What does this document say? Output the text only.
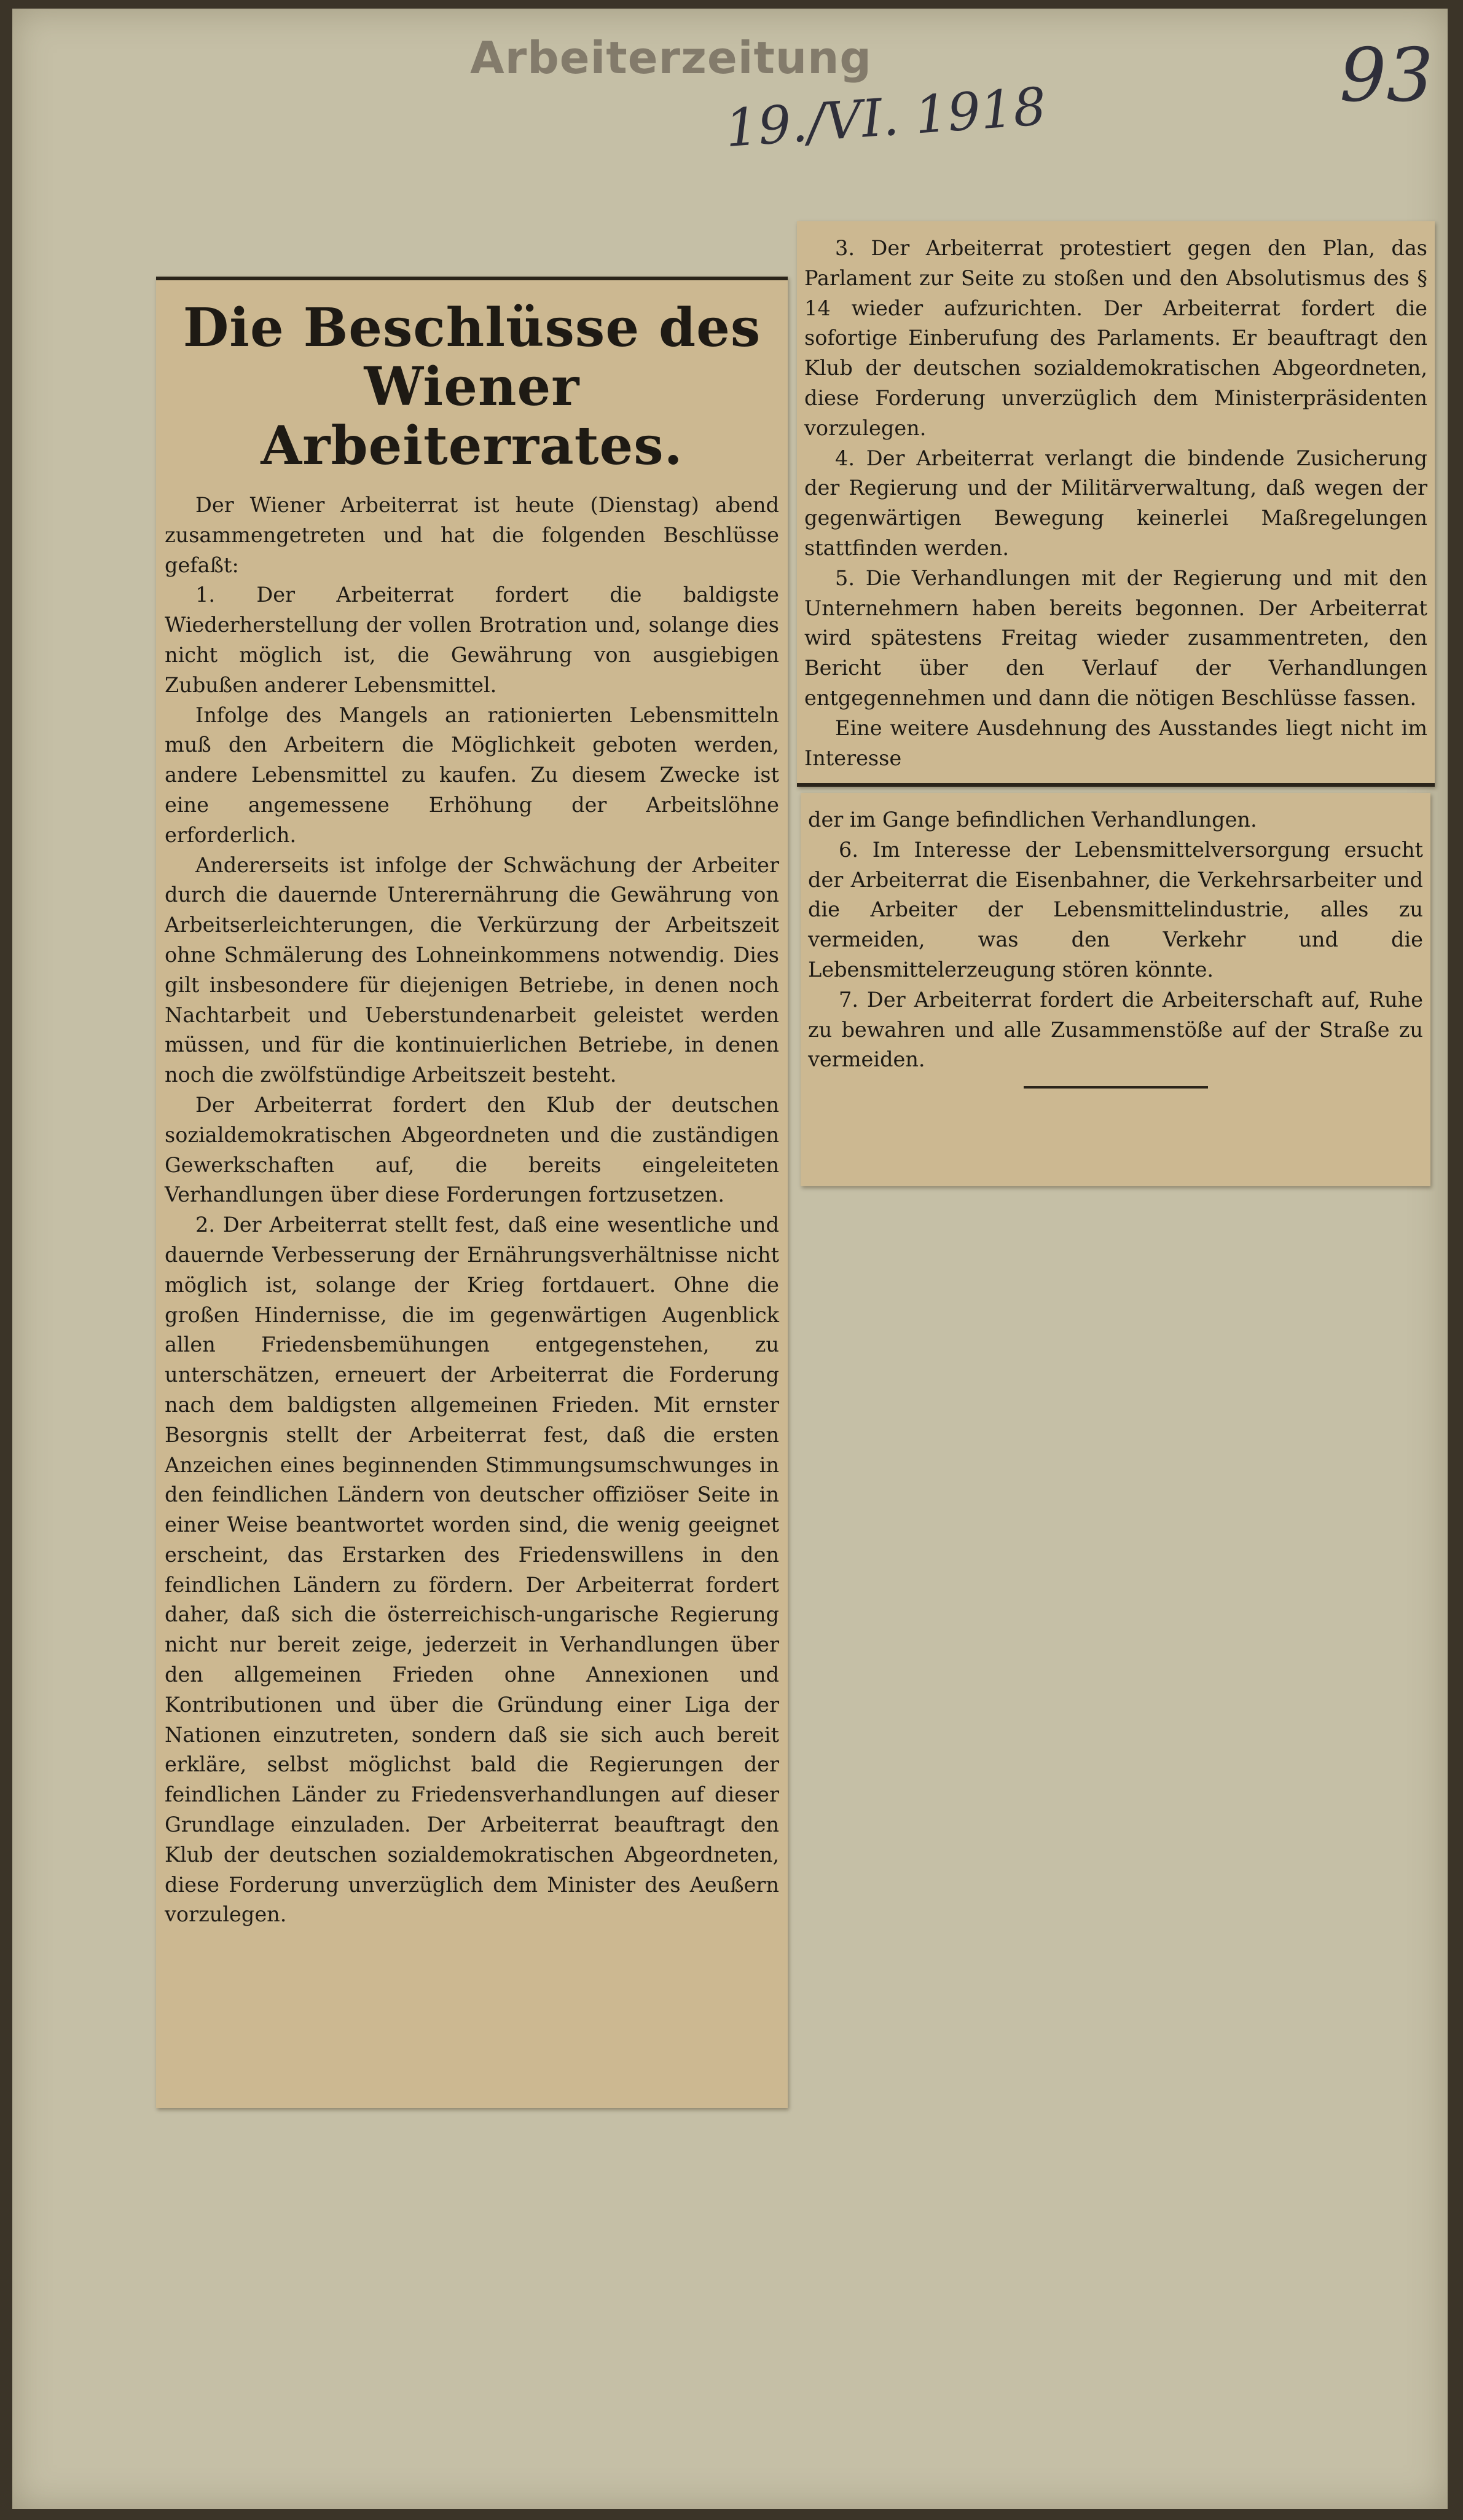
Arbeiterzeitung
19./VI. 1918	93
Die Beschlüsse des Wiener Arbeiterrates.

Der Wiener Arbeiterrat ist heute (Dienstag) abend zusammengetreten und hat die folgenden Beschlüsse gefaßt:

1. Der Arbeiterrat fordert die baldigste Wiederherstellung der vollen Brotration und, solange dies nicht möglich ist, die Gewährung von ausgiebigen Zubußen anderer Lebensmittel.

Infolge des Mangels an rationierten Lebensmitteln muß den Arbeitern die Möglichkeit geboten werden, andere Lebensmittel zu kaufen. Zu diesem Zwecke ist eine angemessene Erhöhung der Arbeitslöhne erforderlich.

Andererseits ist infolge der Schwächung der Arbeiter durch die dauernde Unterernährung die Gewährung von Arbeitserleichterungen, die Verkürzung der Arbeitszeit ohne Schmälerung des Lohneinkommens notwendig. Dies gilt insbesondere für diejenigen Betriebe, in denen noch Nachtarbeit und Ueberstundenarbeit geleistet werden müssen, und für die kontinuierlichen Betriebe, in denen noch die zwölfstündige Arbeitszeit besteht.

Der Arbeiterrat fordert den Klub der deutschen sozialdemokratischen Abgeordneten und die zuständigen Gewerkschaften auf, die bereits eingeleiteten Verhandlungen über diese Forderungen fortzusetzen.

2. Der Arbeiterrat stellt fest, daß eine wesentliche und dauernde Verbesserung der Ernährungsverhältnisse nicht möglich ist, solange der Krieg fortdauert. Ohne die großen Hindernisse, die im gegenwärtigen Augenblick allen Friedensbemühungen entgegenstehen, zu unterschätzen, erneuert der Arbeiterrat die Forderung nach dem baldigsten allgemeinen Frieden. Mit ernster Besorgnis stellt der Arbeiterrat fest, daß die ersten Anzeichen eines beginnenden Stimmungsumschwunges in den feindlichen Ländern von deutscher offiziöser Seite in einer Weise beantwortet worden sind, die wenig geeignet erscheint, das Erstarken des Friedenswillens in den feindlichen Ländern zu fördern. Der Arbeiterrat fordert daher, daß sich die österreichisch-ungarische Regierung nicht nur bereit zeige, jederzeit in Verhandlungen über den allgemeinen Frieden ohne Annexionen und Kontributionen und über die Gründung einer Liga der Nationen einzutreten, sondern daß sie sich auch bereit erkläre, selbst möglichst bald die Regierungen der feindlichen Länder zu Friedensverhandlungen auf dieser Grundlage einzuladen. Der Arbeiterrat beauftragt den Klub der deutschen sozialdemokratischen Abgeordneten, diese Forderung unverzüglich dem Minister des Aeußern vorzulegen.

3. Der Arbeiterrat protestiert gegen den Plan, das Parlament zur Seite zu stoßen und den Absolutismus des § 14 wieder aufzurichten. Der Arbeiterrat fordert die sofortige Einberufung des Parlaments. Er beauftragt den Klub der deutschen sozialdemokratischen Abgeordneten, diese Forderung unverzüglich dem Ministerpräsidenten vorzulegen.

4. Der Arbeiterrat verlangt die bindende Zusicherung der Regierung und der Militärverwaltung, daß wegen der gegenwärtigen Bewegung keinerlei Maßregelungen stattfinden werden.

5. Die Verhandlungen mit der Regierung und mit den Unternehmern haben bereits begonnen. Der Arbeiterrat wird spätestens Freitag wieder zusammentreten, den Bericht über den Verlauf der Verhandlungen entgegennehmen und dann die nötigen Beschlüsse fassen.

Eine weitere Ausdehnung des Ausstandes liegt nicht im Interesse

der im Gange befindlichen Verhandlungen.

6. Im Interesse der Lebensmittelversorgung ersucht der Arbeiterrat die Eisenbahner, die Verkehrsarbeiter und die Arbeiter der Lebensmittelindustrie, alles zu vermeiden, was den Verkehr und die Lebensmittelerzeugung stören könnte.

7. Der Arbeiterrat fordert die Arbeiterschaft auf, Ruhe zu bewahren und alle Zusammenstöße auf der Straße zu vermeiden.
